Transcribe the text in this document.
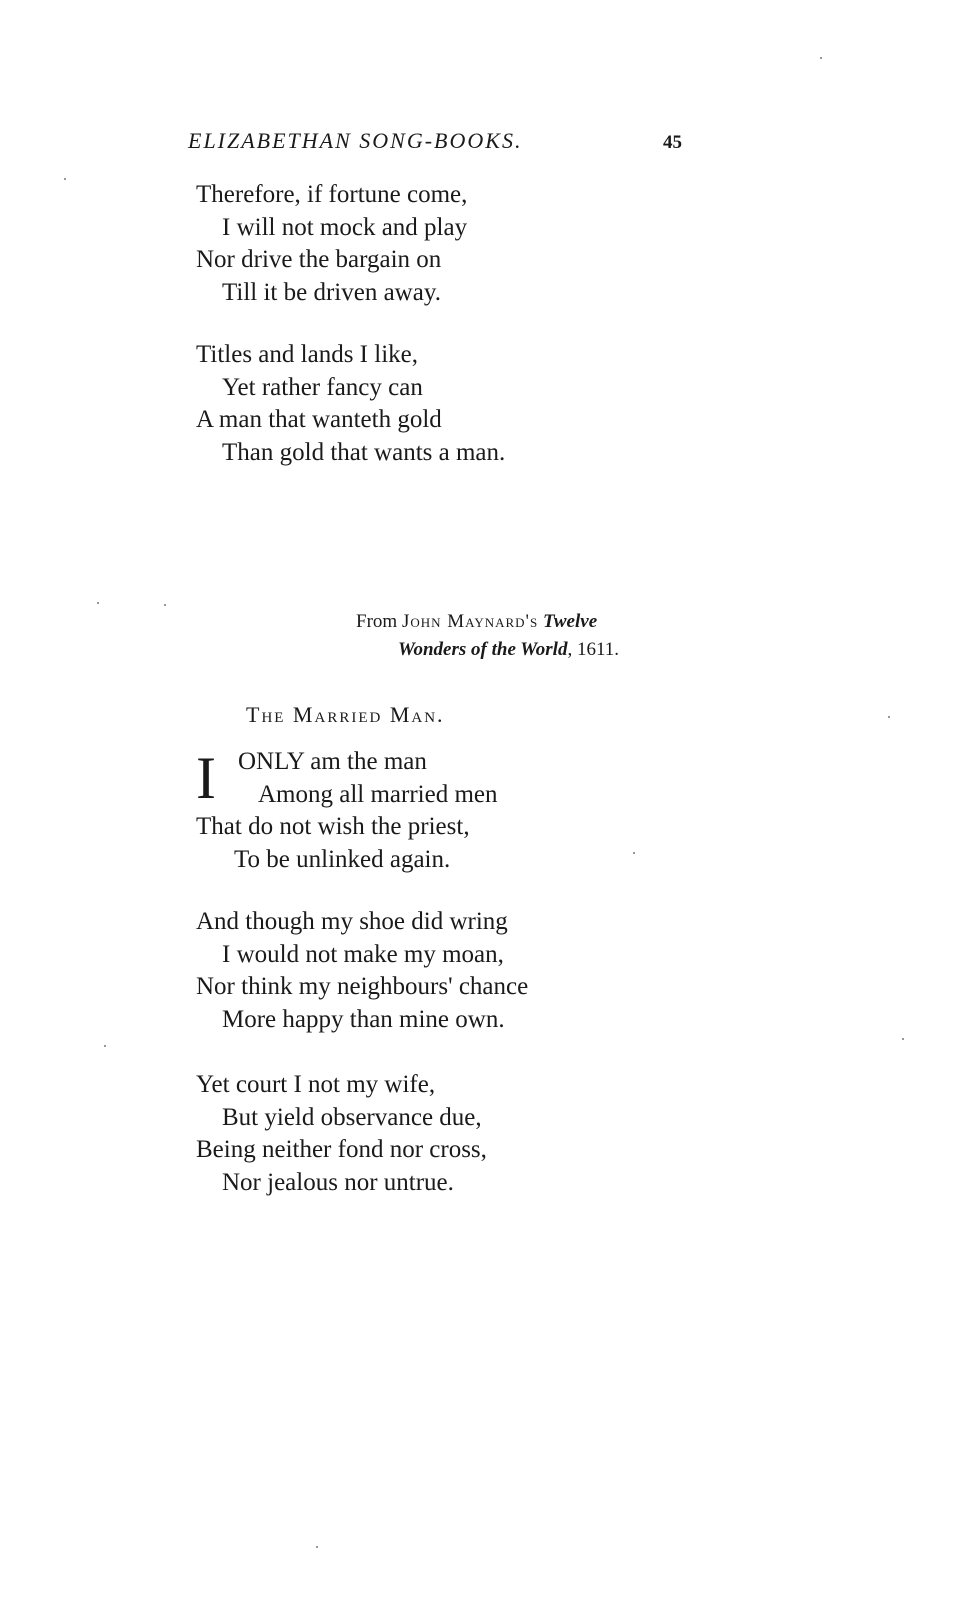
ELIZABETHAN SONG-BOOKS.	45
Therefore, if fortune come,
I will not mock and play
Nor drive the bargain on
Till it be driven away.
Titles and lands I like,
Yet rather fancy can
A man that wanteth gold
Than gold that wants a man.
From John Maynard's Twelve
Wonders of the World, 1611.
The Married Man.
I ONLY am the man
Among all married men
That do not wish the priest,
To be unlinked again.
And though my shoe did wring
I would not make my moan,
Nor think my neighbours' chance
More happy than mine own.
Yet court I not my wife,
But yield observance due,
Being neither fond nor cross,
Nor jealous nor untrue.
